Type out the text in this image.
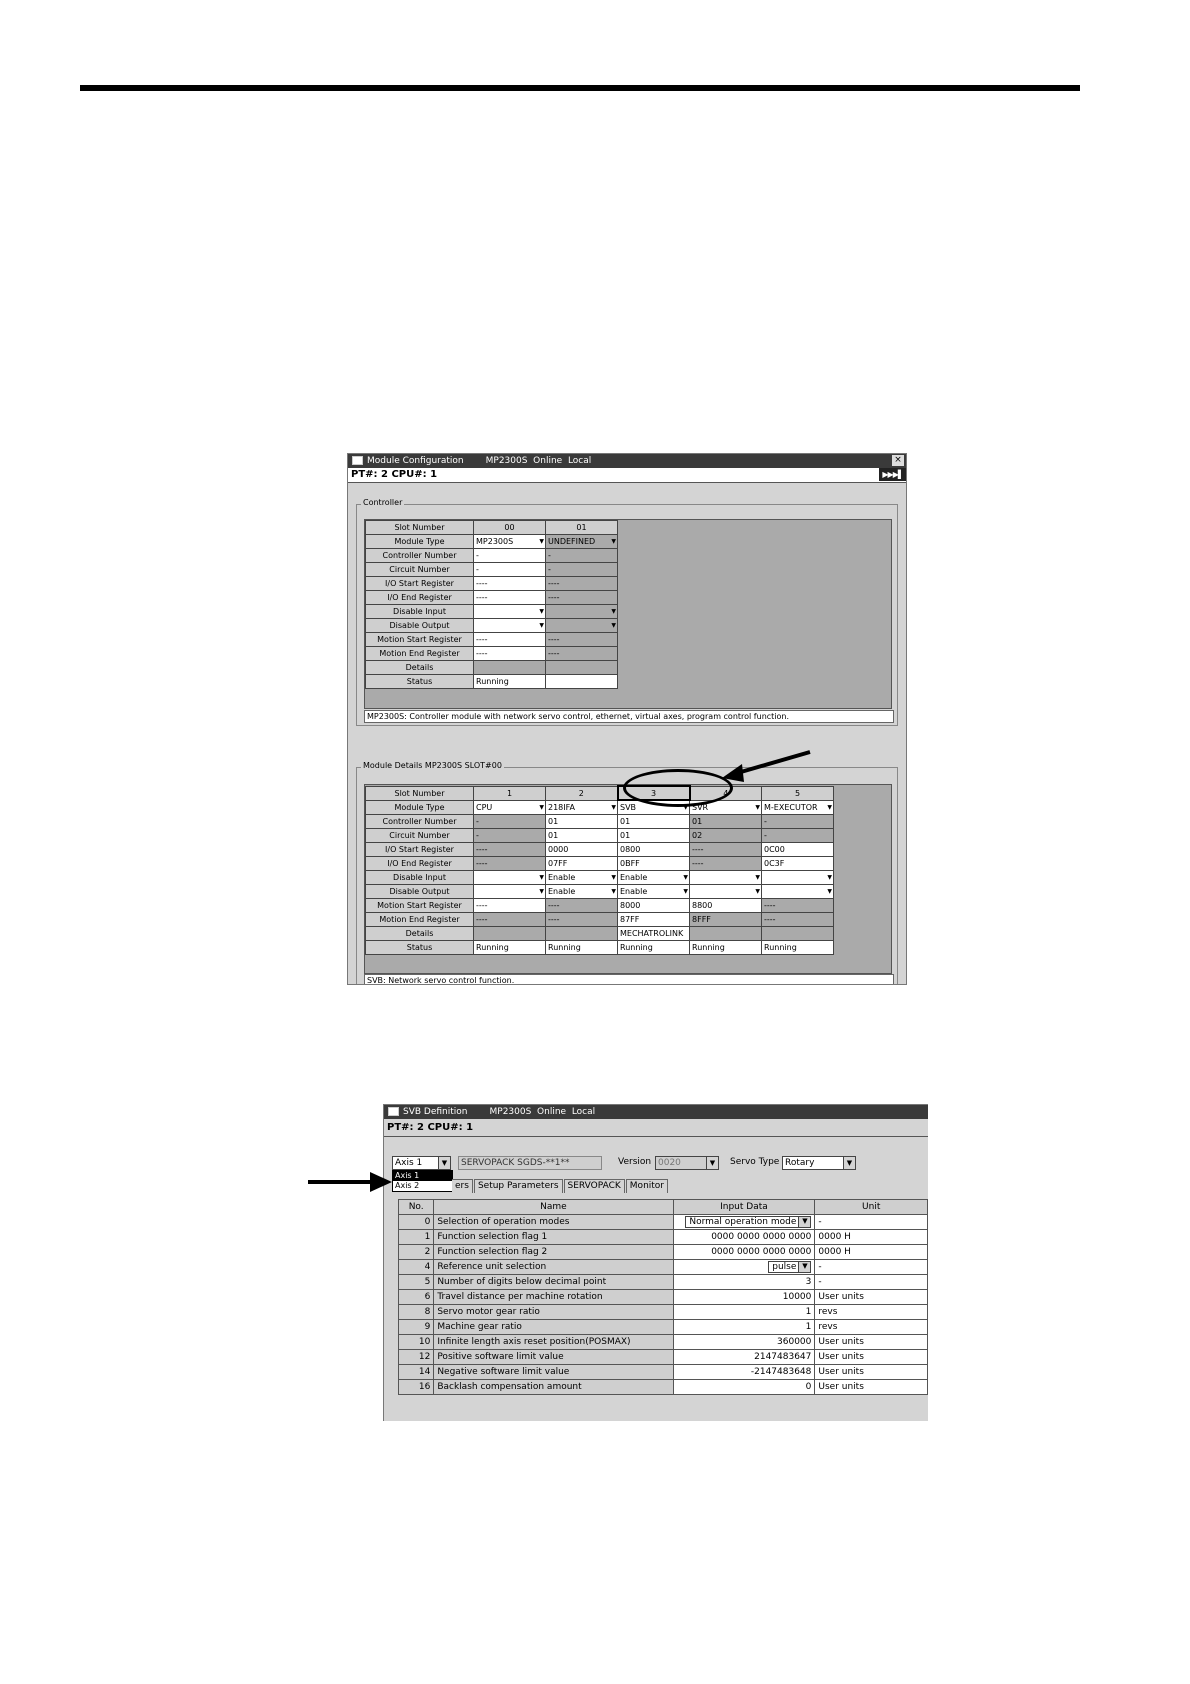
Module Configuration MP2300S Online Local	×
PT#: 2 CPU#: 1	▶▶▶▌
Controller
Slot Number	00	01
Module Type	MP2300S ▼	UNDEFINED ▼

Controller Number	-	-
Circuit Number	-	-
I/O Start Register	----	----
I/O End Register	----	----
Disable Input	▼	▼

Disable Output	▼	▼

Motion Start Register	----	----
Motion End Register	----	----
Details		
Status	Running	
MP2300S: Controller module with network servo control, ethernet, virtual axes, program control function.
Module Details MP2300S SLOT#00
Slot Number	1	2	3	4	5
Module Type	CPU ▼	218IFA ▼	SVB ▼	SVR ▼	M-EXECUTOR ▼

Controller Number	-	01	01	01	-
Circuit Number	-	01	01	02	-
I/O Start Register	----	0000	0800	----	0C00
I/O End Register	----	07FF	0BFF	----	0C3F
Disable Input	▼	Enable ▼	Enable ▼	▼	▼

Disable Output	▼	Enable ▼	Enable ▼	▼	▼

Motion Start Register	----	----	8000	8800	----
Motion End Register	----	----	87FF	8FFF	----
Details			MECHATROLINK		
Status	Running	Running	Running	Running	Running
SVB: Network servo control function.
SVB Definition MP2300S Online Local
PT#: 2 CPU#: 1
Axis 1	▼
Axis 1
Axis 2
SERVOPACK SGDS-**1**	Version 0020	▼	Servo Type Rotary	▼
ers Setup Parameters SERVOPACK Monitor
No.	Name	Input Data	Unit
0	Selection of operation modes	Normal operation mode ▼	-
1	Function selection flag 1	0000 0000 0000 0000	0000 H
2	Function selection flag 2	0000 0000 0000 0000	0000 H
4	Reference unit selection	pulse ▼	-
5	Number of digits below decimal point	3	-
6	Travel distance per machine rotation	10000	User units
8	Servo motor gear ratio	1	revs
9	Machine gear ratio	1	revs
10	Infinite length axis reset position(POSMAX)	360000	User units
12	Positive software limit value	2147483647	User units
14	Negative software limit value	-2147483648	User units
16	Backlash compensation amount	0	User units
